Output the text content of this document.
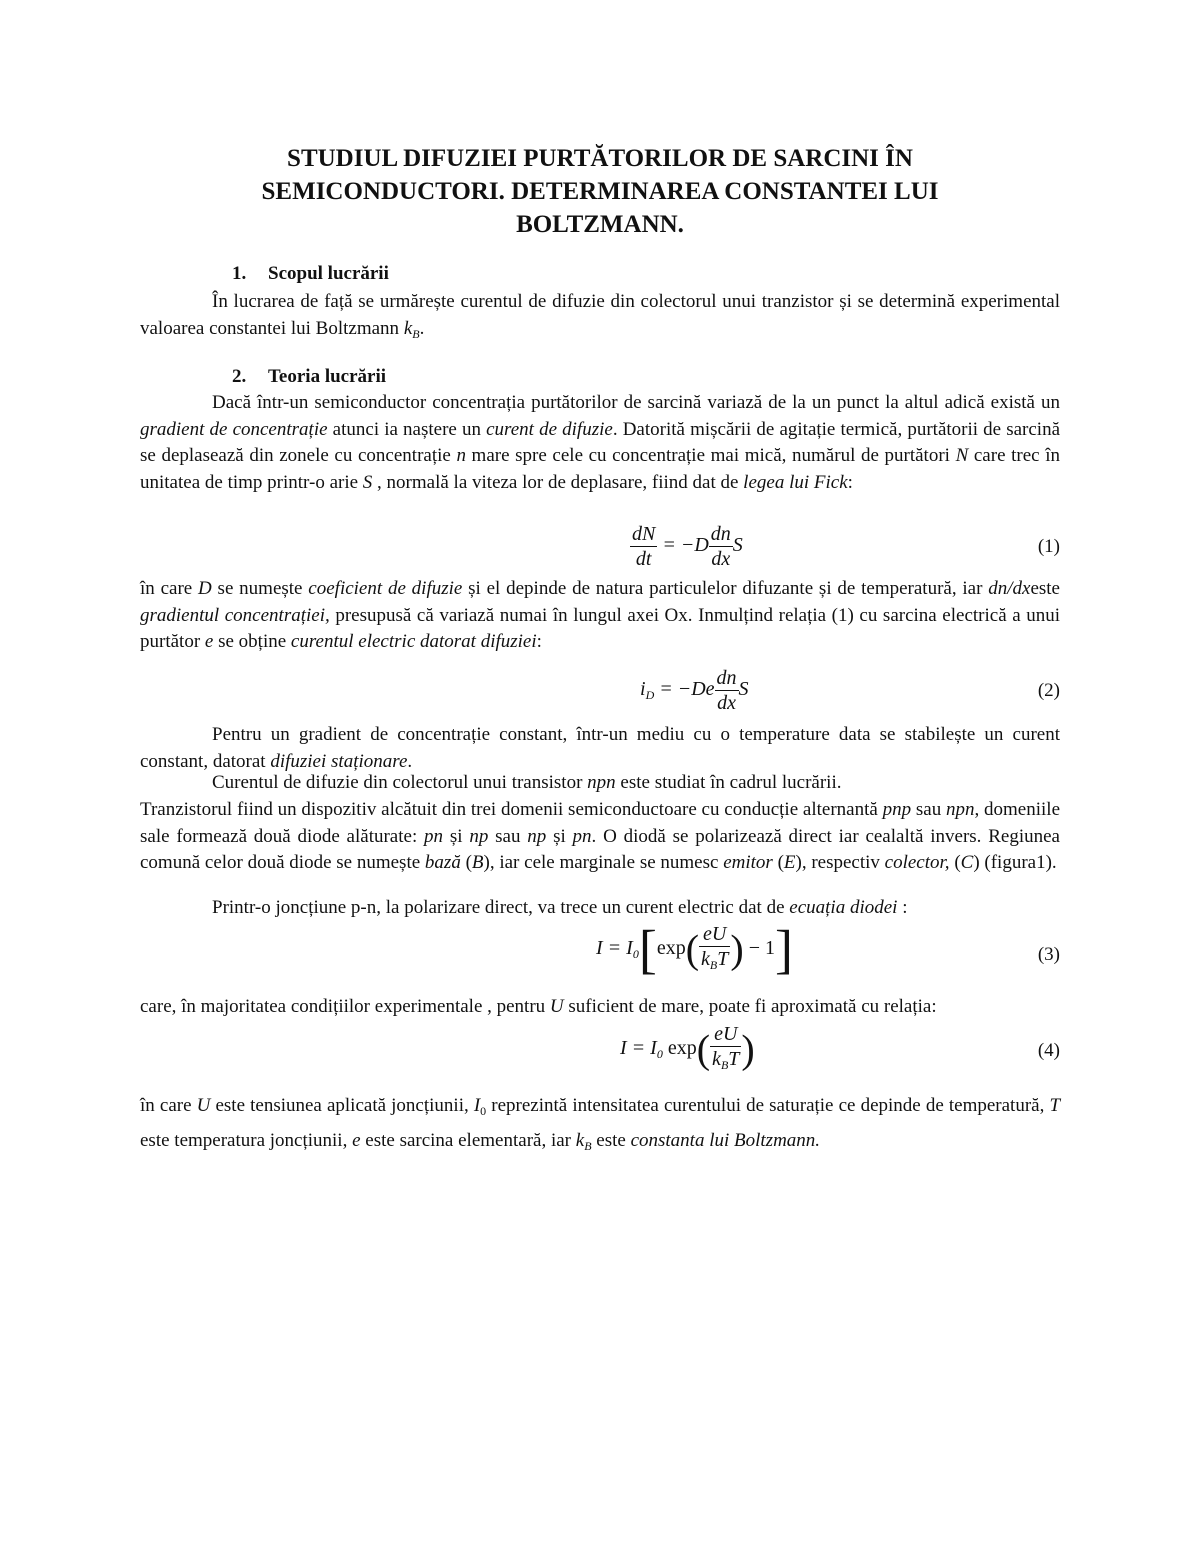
STUDIUL DIFUZIEI PURTĂTORILOR DE SARCINI ÎN
SEMICONDUCTORI. DETERMINAREA CONSTANTEI LUI
BOLTZMANN.
1. Scopul lucrării
În lucrarea de față se urmărește curentul de difuzie din colectorul unui tranzistor și se determină experimental valoarea constantei lui Boltzmann $k_B$.
2. Teoria lucrării
Dacă într-un semiconductor concentrația purtătorilor de sarcină variază de la un punct la altul adică există un gradient de concentrație atunci ia naștere un curent de difuzie. Datorită mișcării de agitație termică, purtătorii de sarcină se deplasează din zonele cu concentrație n mare spre cele cu concentrație mai mică, numărul de purtători N care trec în unitatea de timp printr-o arie S , normală la viteza lor de deplasare, fiind dat de legea lui Fick:
$\frac{dN}{dt} = -D \frac{dn}{dx}$ S	(1)
în care D se numește coeficient de difuzie și el depinde de natura particulelor difuzante și de temperatură, iar dn/dxeste gradientul concentrației, presupusă că variază numai în lungul axei Ox. Inmulțind relația (1) cu sarcina electrică a unui purtător e se obține curentul electric datorat difuziei:
$i_D = -De \frac{dn}{dx}$ S	(2)
Pentru un gradient de concentrație constant, într-un mediu cu o temperature data se stabilește un curent constant, datorat difuziei staționare.
Curentul de difuzie din colectorul unui transistor npn este studiat în cadrul lucrării.
Tranzistorul fiind un dispozitiv alcătuit din trei domenii semiconductoare cu conducție alternantă pnp sau npn, domeniile sale formează două diode alăturate: pn și np sau np și pn. O diodă se polarizează direct iar cealaltă invers. Regiunea comună celor două diode se numește bază (B), iar cele marginale se numesc emitor (E), respectiv colector, (C) (figura1).
Printr-o joncțiune p-n, la polarizare direct, va trece un curent electric dat de ecuația diodei :
$I = I_0[\exp( \frac{eU}{k_BT}$ ) − 1]	(3)
care, în majoritatea condițiilor experimentale , pentru U suficient de mare, poate fi aproximată cu relația:
$I = I_0$ $\exp( \frac{eU}{k_BT}$ )	(4)
în care U este tensiunea aplicată joncțiunii, $I_0$ reprezintă intensitatea curentului de saturație ce depinde de temperatură, T este temperatura joncțiunii, e este sarcina elementară, iar $k_B$ este constanta lui Boltzmann.
